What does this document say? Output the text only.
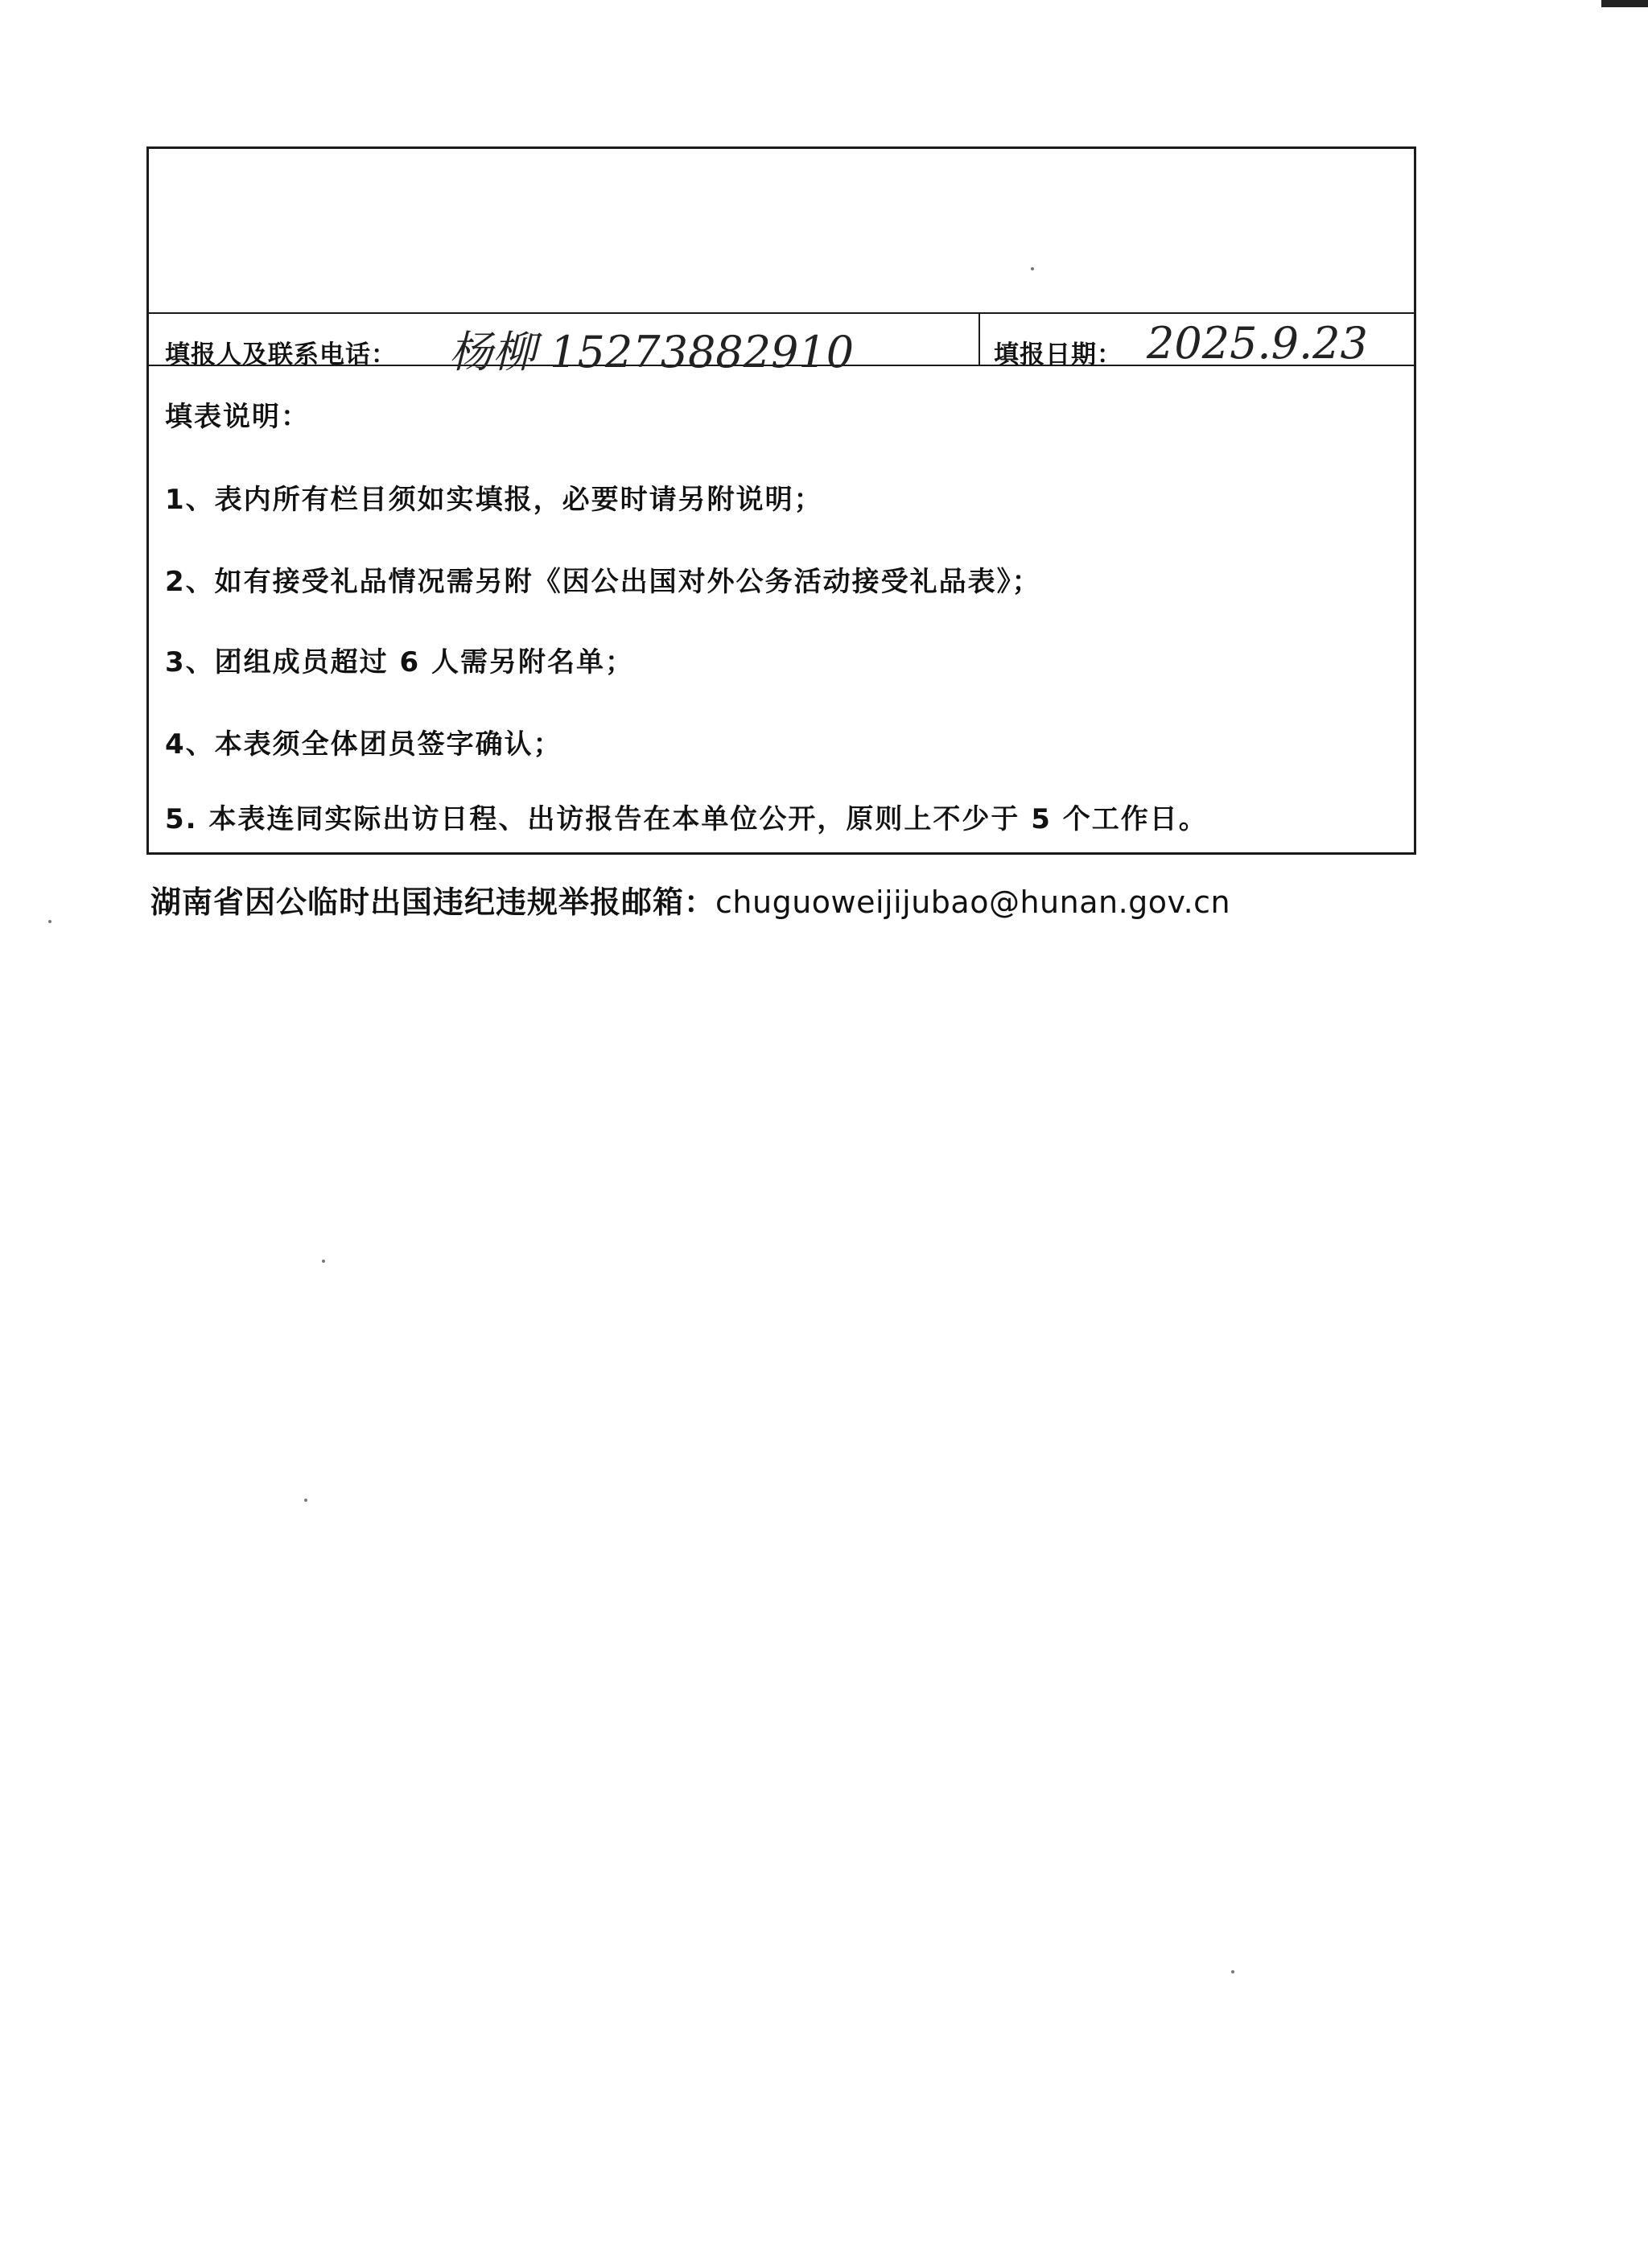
填报人及联系电话： 杨柳 15273882910	填报日期： 2025.9.23
填表说明：
1、表内所有栏目须如实填报，必要时请另附说明；
2、如有接受礼品情况需另附《因公出国对外公务活动接受礼品表》；
3、团组成员超过 6 人需另附名单；
4、本表须全体团员签字确认；
5. 本表连同实际出访日程、出访报告在本单位公开，原则上不少于 5 个工作日。
湖南省因公临时出国违纪违规举报邮箱：chuguoweijijubao@hunan.gov.cn
